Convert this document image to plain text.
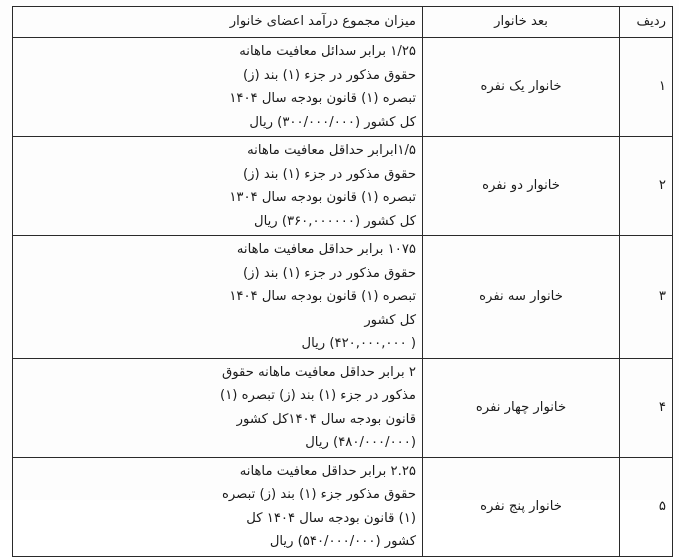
ردیف	بعد خانوار	میزان مجموع درآمد اعضای خانوار
۱	خانوار یک نفره	۱/۲۵ برابر سدائل معافیت ماهانه
حقوق مذکور در جزء (۱) بند (ز)
تبصره (۱) قانون بودجه سال ۱۴۰۴
کل کشور (۳۰۰/۰۰۰/۰۰۰) ریال

۲	خانوار دو نفره	۱/۵ابرابر حداقل معافیت ماهانه
حقوق مذکور در جزء (۱) بند (ز)
تبصره (۱) قانون بودجه سال ۱۳۰۴
کل کشور (۳۶۰,۰۰۰۰۰۰) ریال

۳	خانوار سه نفره	۱۰۷۵ برابر حداقل معافیت ماهانه
حقوق مذکور در جزء (۱) بند (ز)
تبصره (۱) قانون بودجه سال ۱۴۰۴
کل کشور
( ۴۲۰,۰۰۰,۰۰۰) ریال

۴	خانوار چهار نفره	۲ برابر حداقل معافیت ماهانه حقوق
مذکور در جزء (۱) بند (ز) تبصره (۱)
قانون بودجه سال ۱۴۰۴کل کشور
(۴۸۰/۰۰۰/۰۰۰) ریال

۵	خانوار پنج نفره	۲.۲۵ برابر حداقل معافیت ماهانه
حقوق مذکور جزء (۱) بند (ز) تبصره
(۱) قانون بودجه سال ۱۴۰۴ کل
کشور (۵۴۰/۰۰۰/۰۰۰) ریال
